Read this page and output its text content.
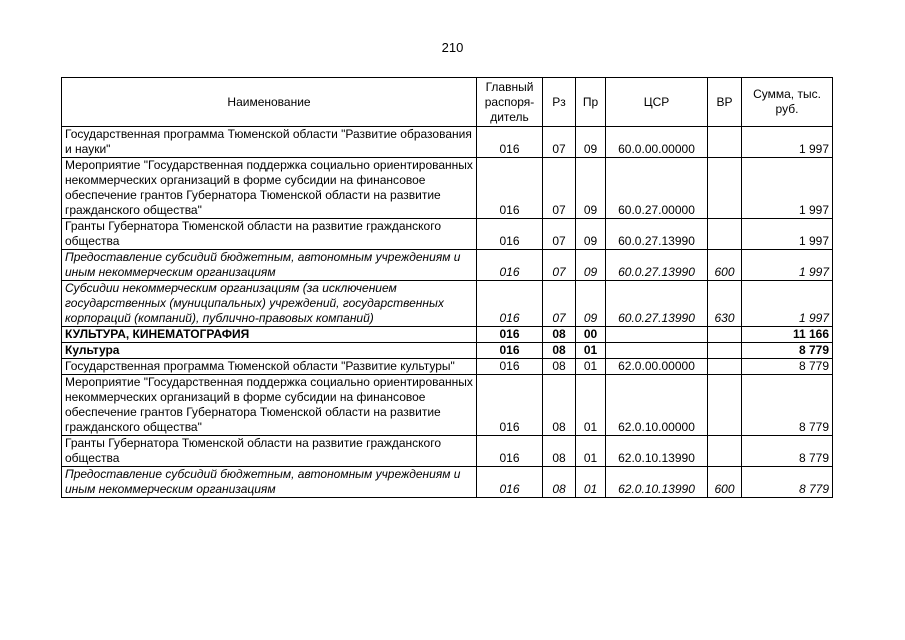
210
Наименование	Главный распоря-дитель	Рз	Пр	ЦСР	ВР	Сумма, тыс. руб.
Государственная программа Тюменской области "Развитие образования и науки"	016	07	09	60.0.00.00000		1 997
Мероприятие "Государственная поддержка социально ориентированных некоммерческих организаций в форме субсидии на финансовое обеспечение грантов Губернатора Тюменской области на развитие гражданского общества"	016	07	09	60.0.27.00000		1 997
Гранты Губернатора Тюменской области на развитие гражданского общества	016	07	09	60.0.27.13990		1 997
Предоставление субсидий бюджетным, автономным учреждениям и иным некоммерческим организациям	016	07	09	60.0.27.13990	600	1 997
Субсидии некоммерческим организациям (за исключением государственных (муниципальных) учреждений, государственных корпораций (компаний), публично-правовых компаний)	016	07	09	60.0.27.13990	630	1 997
КУЛЬТУРА, КИНЕМАТОГРАФИЯ	016	08	00			11 166
Культура	016	08	01			8 779
Государственная программа Тюменской области "Развитие культуры"	016	08	01	62.0.00.00000		8 779
Мероприятие "Государственная поддержка социально ориентированных некоммерческих организаций в форме субсидии на финансовое обеспечение грантов Губернатора Тюменской области на развитие гражданского общества"	016	08	01	62.0.10.00000		8 779
Гранты Губернатора Тюменской области на развитие гражданского общества	016	08	01	62.0.10.13990		8 779
Предоставление субсидий бюджетным, автономным учреждениям и иным некоммерческим организациям	016	08	01	62.0.10.13990	600	8 779
